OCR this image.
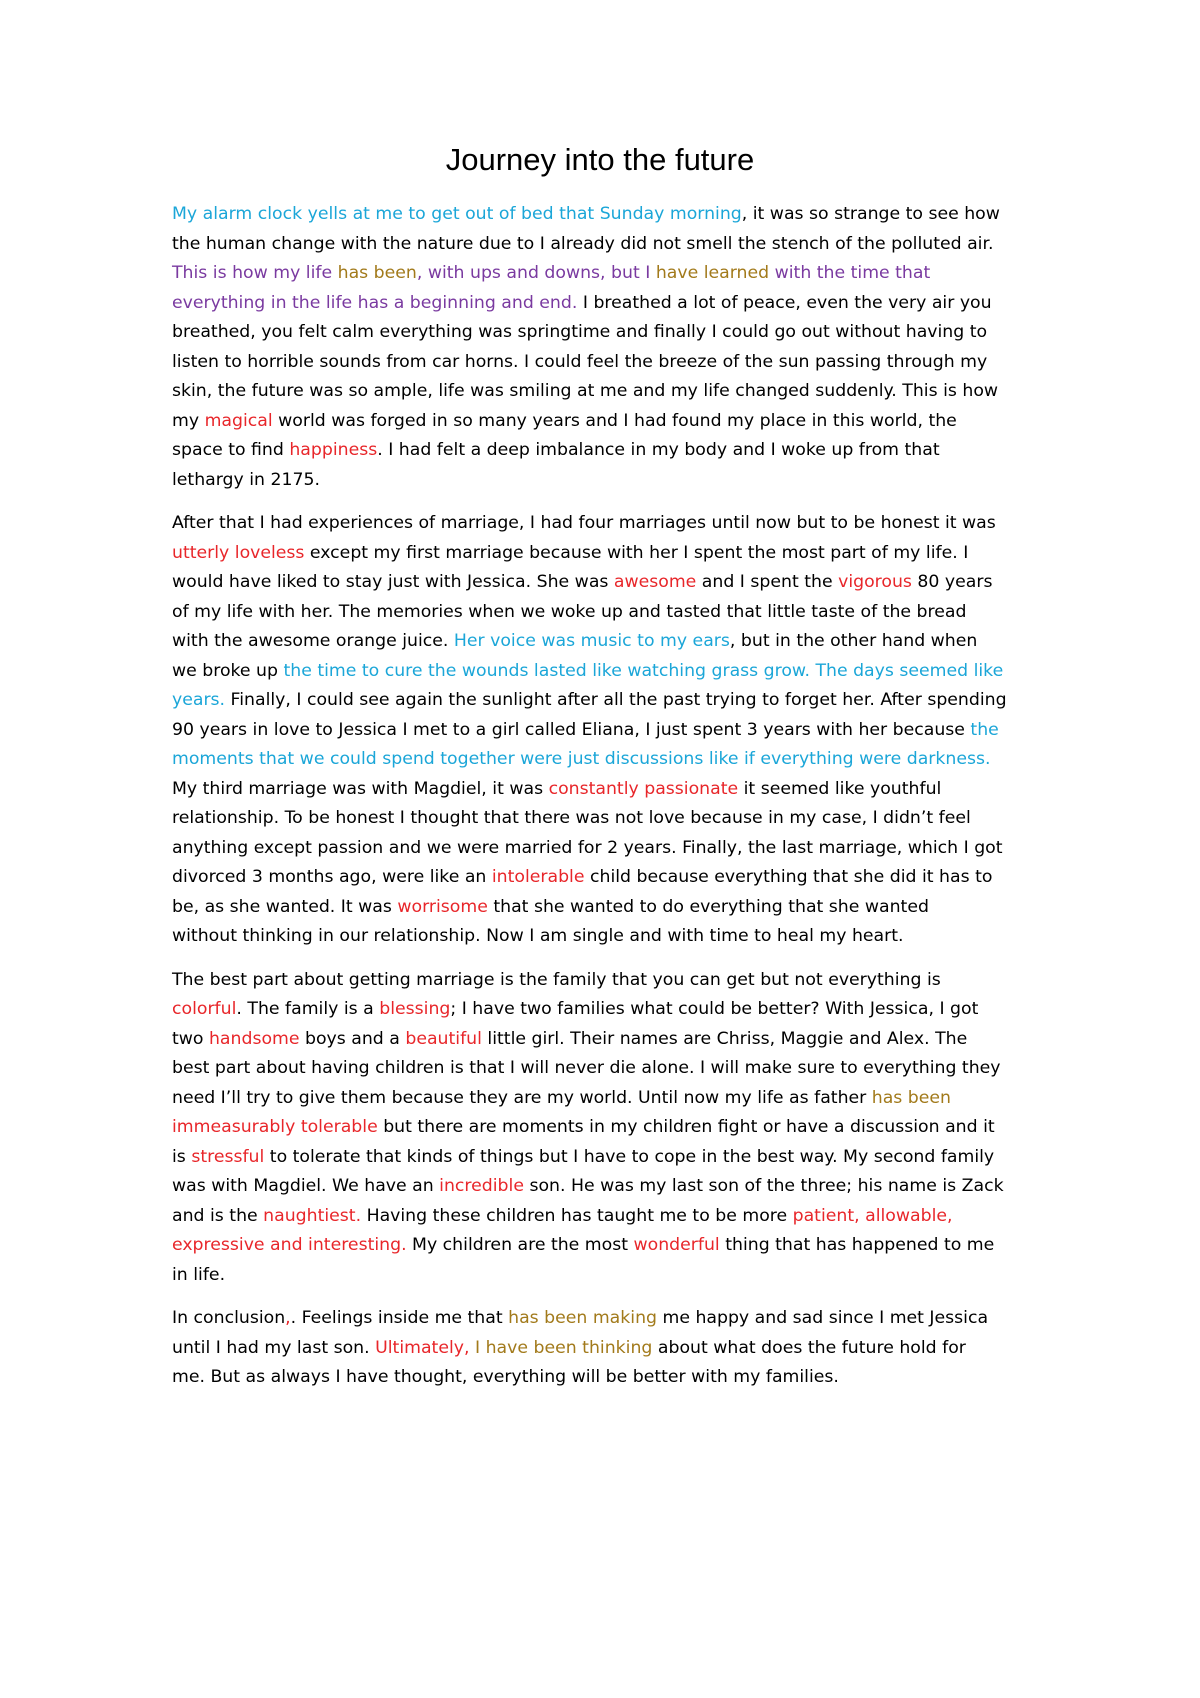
Journey into the future
My alarm clock yells at me to get out of bed that Sunday morning, it was so strange to see how
the human change with the nature due to I already did not smell the stench of the polluted air.
This is how my life has been, with ups and downs, but I have learned with the time that
everything in the life has a beginning and end. I breathed a lot of peace, even the very air you
breathed, you felt calm everything was springtime and finally I could go out without having to
listen to horrible sounds from car horns. I could feel the breeze of the sun passing through my
skin, the future was so ample, life was smiling at me and my life changed suddenly. This is how
my magical world was forged in so many years and I had found my place in this world, the
space to find happiness. I had felt a deep imbalance in my body and I woke up from that
lethargy in 2175.
After that I had experiences of marriage, I had four marriages until now but to be honest it was
utterly loveless except my first marriage because with her I spent the most part of my life. I
would have liked to stay just with Jessica. She was awesome and I spent the vigorous 80 years
of my life with her. The memories when we woke up and tasted that little taste of the bread
with the awesome orange juice. Her voice was music to my ears, but in the other hand when
we broke up the time to cure the wounds lasted like watching grass grow. The days seemed like
years. Finally, I could see again the sunlight after all the past trying to forget her. After spending
90 years in love to Jessica I met to a girl called Eliana, I just spent 3 years with her because the
moments that we could spend together were just discussions like if everything were darkness.
My third marriage was with Magdiel, it was constantly passionate it seemed like youthful
relationship. To be honest I thought that there was not love because in my case, I didn’t feel
anything except passion and we were married for 2 years. Finally, the last marriage, which I got
divorced 3 months ago, were like an intolerable child because everything that she did it has to
be, as she wanted. It was worrisome that she wanted to do everything that she wanted
without thinking in our relationship. Now I am single and with time to heal my heart.
The best part about getting marriage is the family that you can get but not everything is
colorful. The family is a blessing; I have two families what could be better? With Jessica, I got
two handsome boys and a beautiful little girl. Their names are Chriss, Maggie and Alex. The
best part about having children is that I will never die alone. I will make sure to everything they
need I’ll try to give them because they are my world. Until now my life as father has been
immeasurably tolerable but there are moments in my children fight or have a discussion and it
is stressful to tolerate that kinds of things but I have to cope in the best way. My second family
was with Magdiel. We have an incredible son. He was my last son of the three; his name is Zack
and is the naughtiest. Having these children has taught me to be more patient, allowable,
expressive and interesting. My children are the most wonderful thing that has happened to me
in life.
In conclusion,. Feelings inside me that has been making me happy and sad since I met Jessica
until I had my last son. Ultimately, I have been thinking about what does the future hold for
me. But as always I have thought, everything will be better with my families.
